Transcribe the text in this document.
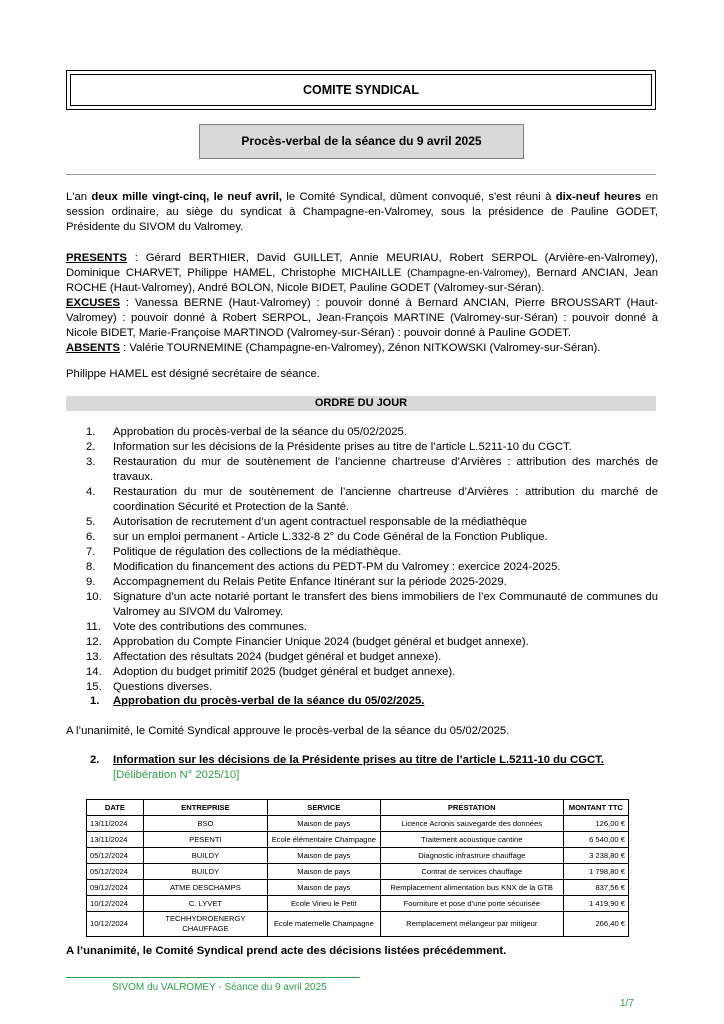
COMITE SYNDICAL
Procès-verbal de la séance du 9 avril 2025
L'an deux mille vingt-cinq, le neuf avril, le Comité Syndical, dûment convoqué, s'est réuni à dix-neuf heures en session ordinaire, au siège du syndicat à Champagne-en-Valromey, sous la présidence de Pauline GODET, Présidente du SIVOM du Valromey.
PRESENTS : Gérard BERTHIER, David GUILLET, Annie MEURIAU, Robert SERPOL (Arvière-en-Valromey), Dominique CHARVET, Philippe HAMEL, Christophe MICHAILLE (Champagne-en-Valromey), Bernard ANCIAN, Jean ROCHE (Haut-Valromey), André BOLON, Nicole BIDET, Pauline GODET (Valromey-sur-Séran).
EXCUSES : Vanessa BERNE (Haut-Valromey) : pouvoir donné à Bernard ANCIAN, Pierre BROUSSART (Haut-Valromey) : pouvoir donné à Robert SERPOL, Jean-François MARTINE (Valromey-sur-Séran) : pouvoir donné à Nicole BIDET, Marie-Françoise MARTINOD (Valromey-sur-Séran) : pouvoir donné à Pauline GODET.
ABSENTS : Valérie TOURNEMINE (Champagne-en-Valromey), Zénon NITKOWSKI (Valromey-sur-Séran).
Philippe HAMEL est désigné secrétaire de séance.
ORDRE DU JOUR
1.	Approbation du procès-verbal de la séance du 05/02/2025.
2.	Information sur les décisions de la Présidente prises au titre de l’article L.5211-10 du CGCT.
3.	Restauration du mur de soutènement de l’ancienne chartreuse d’Arvières : attribution des marchés de travaux.
4.	Restauration du mur de soutènement de l’ancienne chartreuse d’Arvières : attribution du marché de coordination Sécurité et Protection de la Santé.
5.	Autorisation de recrutement d’un agent contractuel responsable de la médiathèque
6.	sur un emploi permanent - Article L.332-8 2° du Code Général de la Fonction Publique.
7.	Politique de régulation des collections de la médiathèque.
8.	Modification du financement des actions du PEDT-PM du Valromey : exercice 2024-2025.
9.	Accompagnement du Relais Petite Enfance Itinérant sur la période 2025-2029.
10. Signature d’un acte notarié portant le transfert des biens immobiliers de l’ex Communauté de communes du Valromey au SIVOM du Valromey.
11.	Vote des contributions des communes.
12. Approbation du Compte Financier Unique 2024 (budget général et budget annexe).
13. Affectation des résultats 2024 (budget général et budget annexe).
14. Adoption du budget primitif 2025 (budget général et budget annexe).
15. Questions diverses.
1. Approbation du procès-verbal de la séance du 05/02/2025.
A l’unanimité, le Comité Syndical approuve le procès-verbal de la séance du 05/02/2025.
2. Information sur les décisions de la Présidente prises au titre de l’article L.5211-10 du CGCT. [Délibération N° 2025/10]
DATE	ENTREPRISE	SERVICE	PRESTATION	MONTANT TTC
13/11/2024	BSO	Maison de pays	Licence Acronis sauvegarde des données	126,00 €
13/11/2024	PESENTI	Ecole élémentaire Champagne	Traitement acoustique cantine	6 540,00 €
05/12/2024	BUILDY	Maison de pays	Diagnostic infrastrure chauffage	3 238,80 €
05/12/2024	BUILDY	Maison de pays	Contrat de services chauffage	1 798,80 €
09/12/2024	ATME DESCHAMPS	Maison de pays	Remplacement alimentation bus KNX de la GTB	837,56 €
10/12/2024	C. LYVET	Ecole Virieu le Petit	Fourniture et pose d’une porte sécurisée	1 419,90 €
10/12/2024	TECHHYDROENERGY CHAUFFAGE	Ecole maternelle Champagne	Remplacement mélangeur par mitigeur	266,40 €
A l’unanimité, le Comité Syndical prend acte des décisions listées précédemment.
SIVOM du VALROMEY - Séance du 9 avril 2025
1/7
